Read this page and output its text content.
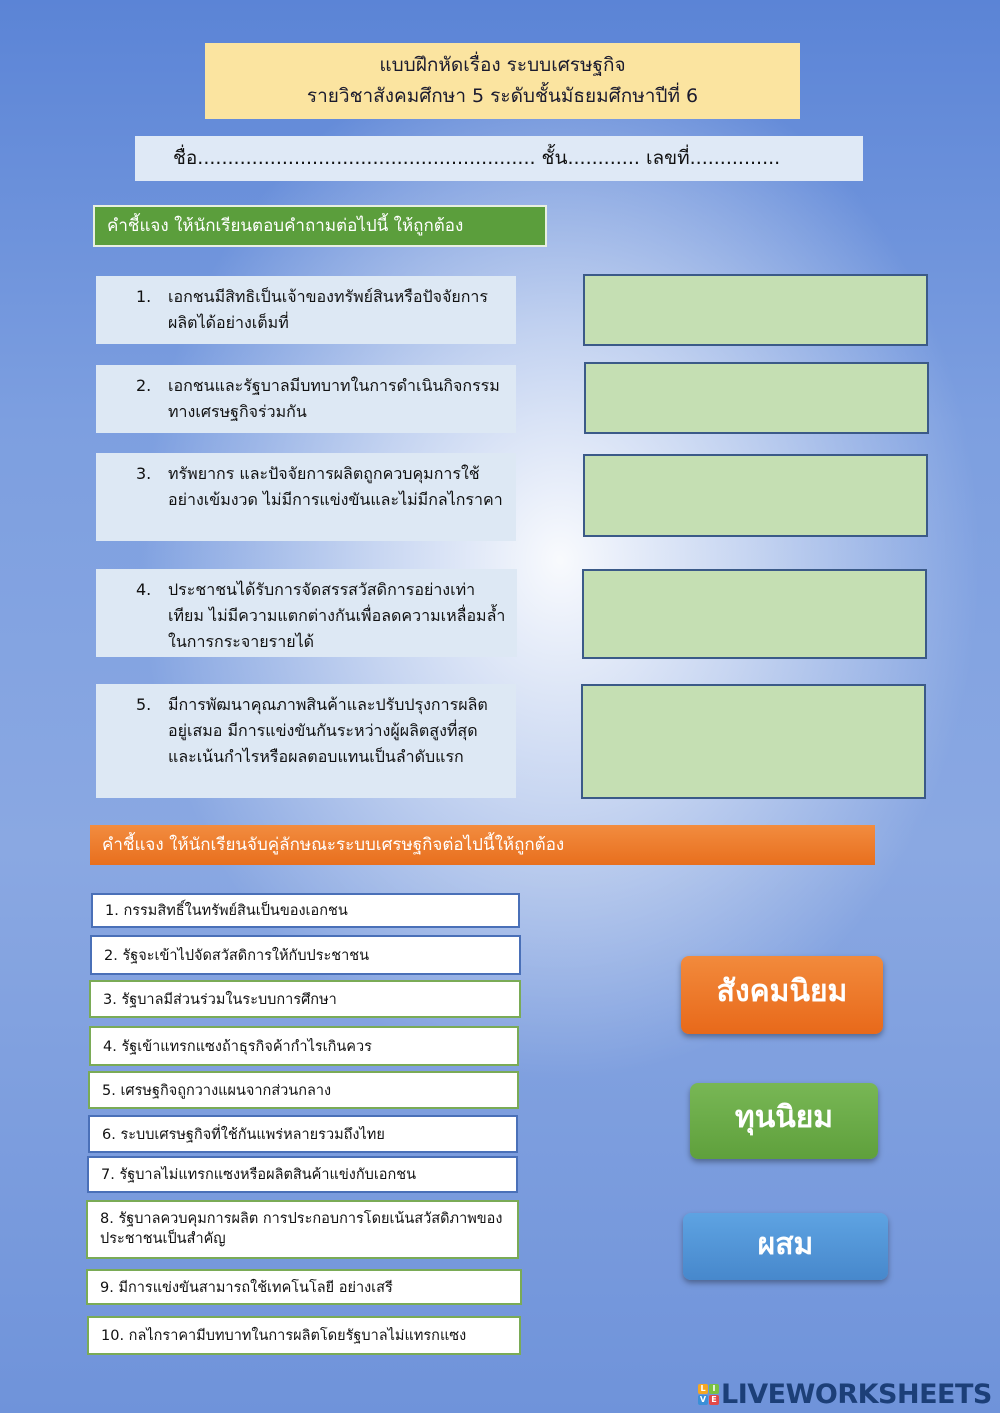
แบบฝึกหัดเรื่อง ระบบเศรษฐกิจ
รายวิชาสังคมศึกษา 5 ระดับชั้นมัธยมศึกษาปีที่ 6
ชื่อ........................................................ ชั้น............ เลขที่...............
คำชี้แจง ให้นักเรียนตอบคำถามต่อไปนี้ ให้ถูกต้อง
1.	เอกชนมีสิทธิเป็นเจ้าของทรัพย์สินหรือปัจจัยการผลิตได้อย่างเต็มที่
2.	เอกชนและรัฐบาลมีบทบาทในการดำเนินกิจกรรมทางเศรษฐกิจร่วมกัน
3.	ทรัพยากร และปัจจัยการผลิตถูกควบคุมการใช้อย่างเข้มงวด ไม่มีการแข่งขันและไม่มีกลไกราคา
4.	ประชาชนได้รับการจัดสรรสวัสดิการอย่างเท่าเทียม ไม่มีความแตกต่างกันเพื่อลดความเหลื่อมล้ำในการกระจายรายได้
5.	มีการพัฒนาคุณภาพสินค้าและปรับปรุงการผลิตอยู่เสมอ มีการแข่งขันกันระหว่างผู้ผลิตสูงที่สุด และเน้นกำไรหรือผลตอบแทนเป็นลำดับแรก
คำชี้แจง ให้นักเรียนจับคู่ลักษณะระบบเศรษฐกิจต่อไปนี้ให้ถูกต้อง
1. กรรมสิทธิ์ในทรัพย์สินเป็นของเอกชน
2. รัฐจะเข้าไปจัดสวัสดิการให้กับประชาชน
3. รัฐบาลมีส่วนร่วมในระบบการศึกษา
4. รัฐเข้าแทรกแซงถ้าธุรกิจค้ากำไรเกินควร
5. เศรษฐกิจถูกวางแผนจากส่วนกลาง
6. ระบบเศรษฐกิจที่ใช้กันแพร่หลายรวมถึงไทย
7. รัฐบาลไม่แทรกแซงหรือผลิตสินค้าแข่งกับเอกชน
8. รัฐบาลควบคุมการผลิต การประกอบการโดยเน้นสวัสดิภาพของประชาชนเป็นสำคัญ
9. มีการแข่งขันสามารถใช้เทคโนโลยี อย่างเสรี
10. กลไกราคามีบทบาทในการผลิตโดยรัฐบาลไม่แทรกแซง
สังคมนิยม
ทุนนิยม
ผสม
L I
V E LIVEWORKSHEETS
